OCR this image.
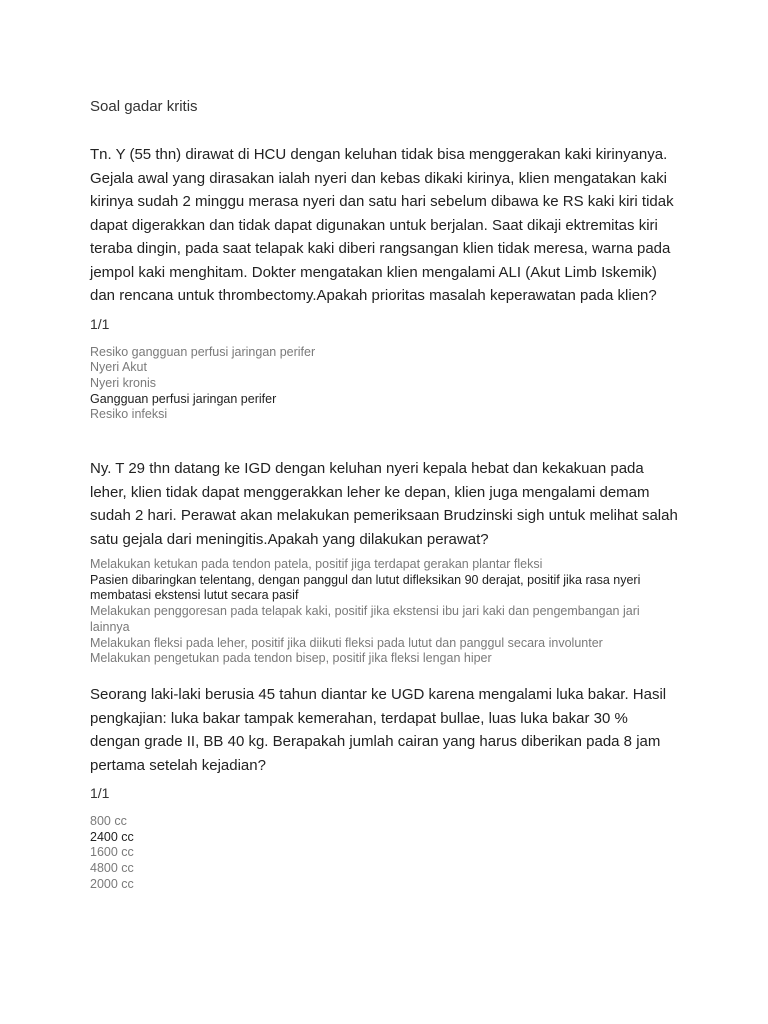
Soal gadar kritis

Tn. Y (55 thn) dirawat di HCU dengan keluhan tidak bisa menggerakan kaki kirinyanya. Gejala awal yang dirasakan ialah nyeri dan kebas dikaki kirinya, klien mengatakan kaki kirinya sudah 2 minggu merasa nyeri dan satu hari sebelum dibawa ke RS kaki kiri tidak dapat digerakkan dan tidak dapat digunakan untuk berjalan. Saat dikaji ektremitas kiri teraba dingin, pada saat telapak kaki diberi rangsangan klien tidak meresa, warna pada jempol kaki menghitam. Dokter mengatakan klien mengalami ALI (Akut Limb Iskemik) dan rencana untuk thrombectomy.Apakah prioritas masalah keperawatan pada klien?

1/1
Resiko gangguan perfusi jaringan perifer
Nyeri Akut
Nyeri kronis
Gangguan perfusi jaringan perifer
Resiko infeksi

Ny. T 29 thn datang ke IGD dengan keluhan nyeri kepala hebat dan kekakuan pada leher, klien tidak dapat menggerakkan leher ke depan, klien juga mengalami demam sudah 2 hari. Perawat akan melakukan pemeriksaan Brudzinski sigh untuk melihat salah satu gejala dari meningitis.Apakah yang dilakukan perawat?

Melakukan ketukan pada tendon patela, positif jiga terdapat gerakan plantar fleksi
Pasien dibaringkan telentang, dengan panggul dan lutut difleksikan 90 derajat, positif jika rasa nyeri membatasi ekstensi lutut secara pasif
Melakukan penggoresan pada telapak kaki, positif jika ekstensi ibu jari kaki dan pengembangan jari lainnya
Melakukan fleksi pada leher, positif jika diikuti fleksi pada lutut dan panggul secara involunter
Melakukan pengetukan pada tendon bisep, positif jika fleksi lengan hiper

Seorang laki-laki berusia 45 tahun diantar ke UGD karena mengalami luka bakar. Hasil pengkajian: luka bakar tampak kemerahan, terdapat bullae, luas luka bakar 30 % dengan grade II, BB 40 kg. Berapakah jumlah cairan yang harus diberikan pada 8 jam pertama setelah kejadian?

1/1
800 cc
2400 cc
1600 cc
4800 cc
2000 cc
